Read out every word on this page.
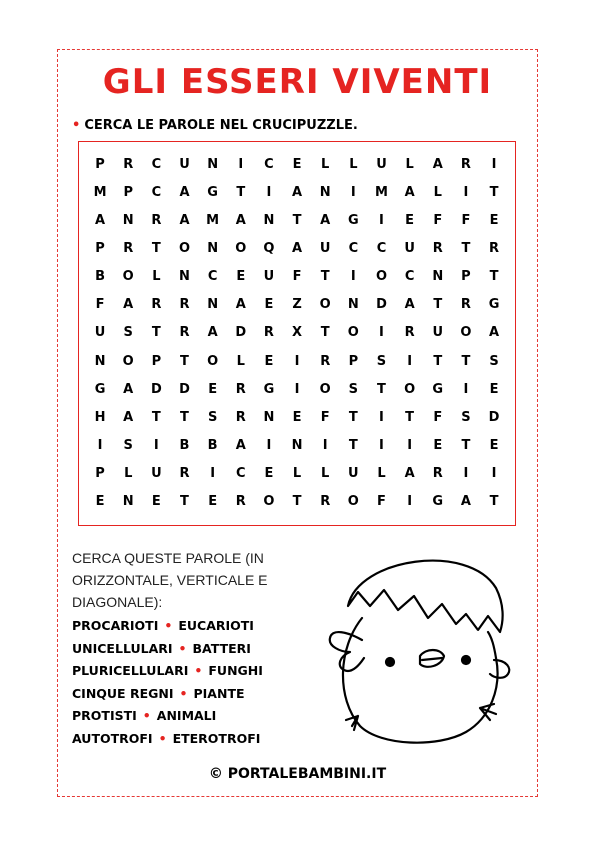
GLI ESSERI VIVENTI
• CERCA LE PAROLE NEL CRUCIPUZZLE.
P	R	C	U	N	I	C	E	L	L	U	L	A	R	I
M	P	C	A	G	T	I	A	N	I	M	A	L	I	T
A	N	R	A	M	A	N	T	A	G	I	E	F	F	E
P	R	T	O	N	O	Q	A	U	C	C	U	R	T	R
B	O	L	N	C	E	U	F	T	I	O	C	N	P	T
F	A	R	R	N	A	E	Z	O	N	D	A	T	R	G
U	S	T	R	A	D	R	X	T	O	I	R	U	O	A
N	O	P	T	O	L	E	I	R	P	S	I	T	T	S
G	A	D	D	E	R	G	I	O	S	T	O	G	I	E
H	A	T	T	S	R	N	E	F	T	I	T	F	S	D
I	S	I	B	B	A	I	N	I	T	I	I	E	T	E
P	L	U	R	I	C	E	L	L	U	L	A	R	I	I
E	N	E	T	E	R	O	T	R	O	F	I	G	A	T
CERCA QUESTE PAROLE (IN ORIZZONTALE, VERTICALE E DIAGONALE):
PROCARIOTI • EUCARIOTI
UNICELLULARI • BATTERI
PLURICELLULARI • FUNGHI
CINQUE REGNI • PIANTE
PROTISTI • ANIMALI
AUTOTROFI • ETEROTROFI
© PORTALEBAMBINI.IT
